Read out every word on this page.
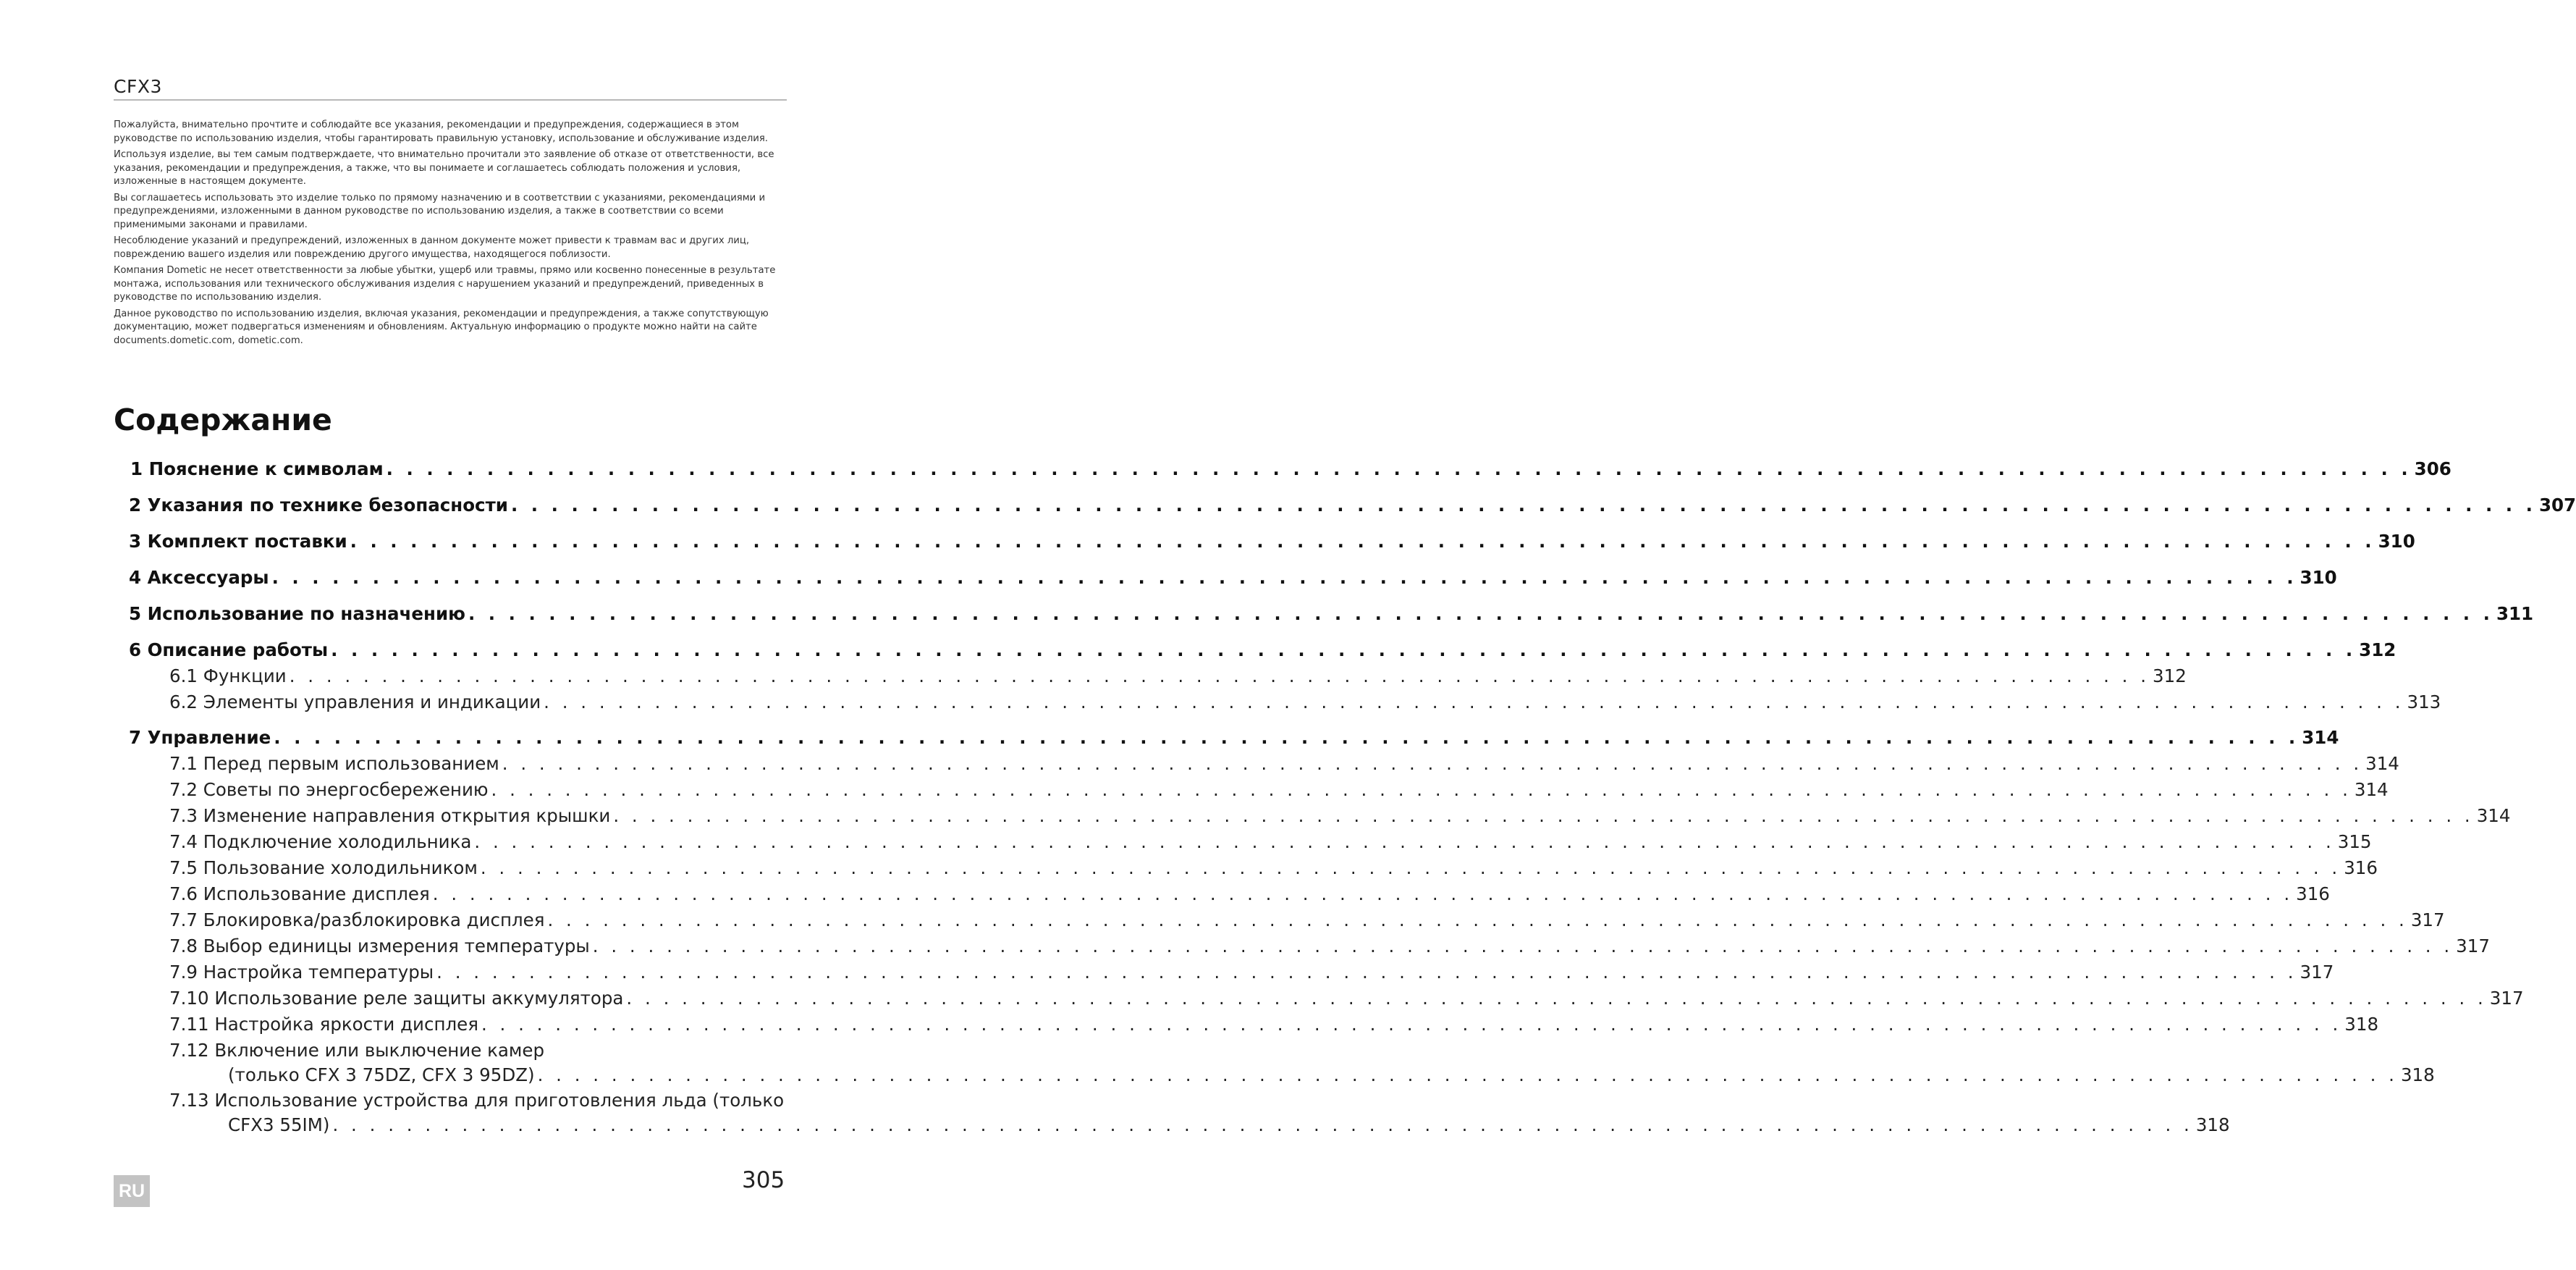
CFX3

Пожалуйста, внимательно прочтите и соблюдайте все указания, рекомендации и предупреждения, содержащиеся в этом руководстве по использованию изделия, чтобы гарантировать правильную установку, использование и обслуживание изделия.

Используя изделие, вы тем самым подтверждаете, что внимательно прочитали это заявление об отказе от ответственности, все указания, рекомендации и предупреждения, а также, что вы понимаете и соглашаетесь соблюдать положения и условия, изложенные в настоящем документе.

Вы соглашаетесь использовать это изделие только по прямому назначению и в соответствии с указаниями, рекомендациями и предупреждениями, изложенными в данном руководстве по использованию изделия, а также в соответствии со всеми применимыми законами и правилами.

Несоблюдение указаний и предупреждений, изложенных в данном документе может привести к травмам вас и других лиц, повреждению вашего изделия или повреждению другого имущества, находящегося поблизости.

Компания Dometic не несет ответственности за любые убытки, ущерб или травмы, прямо или косвенно понесенные в результате монтажа, использования или технического обслуживания изделия с нарушением указаний и предупреждений, приведенных в руководстве по использованию изделия.

Данное руководство по использованию изделия, включая указания, рекомендации и предупреждения, а также сопутствующую документацию, может подвергаться изменениям и обновлениям. Актуальную информацию о продукте можно найти на сайте documents.dometic.com, dometic.com.

Содержание
1 Пояснение к символам . . . . . . . . . . . . . . . . . . . . . . . . . . . . . . . . . . . . . . . . . . . . . . . . . . . . . . . . . . . . . . . . . . . . . . . . . . . . . . . . . . . . . . . . . . . . . . . . . . . . . 306
2 Указания по технике безопасности . . . . . . . . . . . . . . . . . . . . . . . . . . . . . . . . . . . . . . . . . . . . . . . . . . . . . . . . . . . . . . . . . . . . . . . . . . . . . . . . . . . . . . . . . . . . . . . . . . . . . 307
3 Комплект поставки . . . . . . . . . . . . . . . . . . . . . . . . . . . . . . . . . . . . . . . . . . . . . . . . . . . . . . . . . . . . . . . . . . . . . . . . . . . . . . . . . . . . . . . . . . . . . . . . . . . . . 310
4 Аксессуары . . . . . . . . . . . . . . . . . . . . . . . . . . . . . . . . . . . . . . . . . . . . . . . . . . . . . . . . . . . . . . . . . . . . . . . . . . . . . . . . . . . . . . . . . . . . . . . . . . . . . 310
5 Использование по назначению . . . . . . . . . . . . . . . . . . . . . . . . . . . . . . . . . . . . . . . . . . . . . . . . . . . . . . . . . . . . . . . . . . . . . . . . . . . . . . . . . . . . . . . . . . . . . . . . . . . . . 311
6 Описание работы . . . . . . . . . . . . . . . . . . . . . . . . . . . . . . . . . . . . . . . . . . . . . . . . . . . . . . . . . . . . . . . . . . . . . . . . . . . . . . . . . . . . . . . . . . . . . . . . . . . . . 312
6.1 Функции . . . . . . . . . . . . . . . . . . . . . . . . . . . . . . . . . . . . . . . . . . . . . . . . . . . . . . . . . . . . . . . . . . . . . . . . . . . . . . . . . . . . . . . . . . . . . . . . . . . . . 312
6.2 Элементы управления и индикации . . . . . . . . . . . . . . . . . . . . . . . . . . . . . . . . . . . . . . . . . . . . . . . . . . . . . . . . . . . . . . . . . . . . . . . . . . . . . . . . . . . . . . . . . . . . . . . . . . . . . 313
7 Управление . . . . . . . . . . . . . . . . . . . . . . . . . . . . . . . . . . . . . . . . . . . . . . . . . . . . . . . . . . . . . . . . . . . . . . . . . . . . . . . . . . . . . . . . . . . . . . . . . . . . . 314
7.1 Перед первым использованием . . . . . . . . . . . . . . . . . . . . . . . . . . . . . . . . . . . . . . . . . . . . . . . . . . . . . . . . . . . . . . . . . . . . . . . . . . . . . . . . . . . . . . . . . . . . . . . . . . . . . 314
7.2 Советы по энергосбережению . . . . . . . . . . . . . . . . . . . . . . . . . . . . . . . . . . . . . . . . . . . . . . . . . . . . . . . . . . . . . . . . . . . . . . . . . . . . . . . . . . . . . . . . . . . . . . . . . . . . . 314
7.3 Изменение направления открытия крышки . . . . . . . . . . . . . . . . . . . . . . . . . . . . . . . . . . . . . . . . . . . . . . . . . . . . . . . . . . . . . . . . . . . . . . . . . . . . . . . . . . . . . . . . . . . . . . . . . . . . . 314
7.4 Подключение холодильника . . . . . . . . . . . . . . . . . . . . . . . . . . . . . . . . . . . . . . . . . . . . . . . . . . . . . . . . . . . . . . . . . . . . . . . . . . . . . . . . . . . . . . . . . . . . . . . . . . . . . 315
7.5 Пользование холодильником . . . . . . . . . . . . . . . . . . . . . . . . . . . . . . . . . . . . . . . . . . . . . . . . . . . . . . . . . . . . . . . . . . . . . . . . . . . . . . . . . . . . . . . . . . . . . . . . . . . . . 316
7.6 Использование дисплея . . . . . . . . . . . . . . . . . . . . . . . . . . . . . . . . . . . . . . . . . . . . . . . . . . . . . . . . . . . . . . . . . . . . . . . . . . . . . . . . . . . . . . . . . . . . . . . . . . . . . 316
7.7 Блокировка/разблокировка дисплея . . . . . . . . . . . . . . . . . . . . . . . . . . . . . . . . . . . . . . . . . . . . . . . . . . . . . . . . . . . . . . . . . . . . . . . . . . . . . . . . . . . . . . . . . . . . . . . . . . . . . 317
7.8 Выбор единицы измерения температуры . . . . . . . . . . . . . . . . . . . . . . . . . . . . . . . . . . . . . . . . . . . . . . . . . . . . . . . . . . . . . . . . . . . . . . . . . . . . . . . . . . . . . . . . . . . . . . . . . . . . . 317
7.9 Настройка температуры . . . . . . . . . . . . . . . . . . . . . . . . . . . . . . . . . . . . . . . . . . . . . . . . . . . . . . . . . . . . . . . . . . . . . . . . . . . . . . . . . . . . . . . . . . . . . . . . . . . . . 317
7.10 Использование реле защиты аккумулятора . . . . . . . . . . . . . . . . . . . . . . . . . . . . . . . . . . . . . . . . . . . . . . . . . . . . . . . . . . . . . . . . . . . . . . . . . . . . . . . . . . . . . . . . . . . . . . . . . . . . . 317
7.11 Настройка яркости дисплея . . . . . . . . . . . . . . . . . . . . . . . . . . . . . . . . . . . . . . . . . . . . . . . . . . . . . . . . . . . . . . . . . . . . . . . . . . . . . . . . . . . . . . . . . . . . . . . . . . . . . 318
7.12 Включение или выключение камер
(только CFX 3 75DZ, CFX 3 95DZ) . . . . . . . . . . . . . . . . . . . . . . . . . . . . . . . . . . . . . . . . . . . . . . . . . . . . . . . . . . . . . . . . . . . . . . . . . . . . . . . . . . . . . . . . . . . . . . . . . . . . . 318
7.13 Использование устройства для приготовления льда (только
CFX3 55IM) . . . . . . . . . . . . . . . . . . . . . . . . . . . . . . . . . . . . . . . . . . . . . . . . . . . . . . . . . . . . . . . . . . . . . . . . . . . . . . . . . . . . . . . . . . . . . . . . . . . . . 318
RU	305
